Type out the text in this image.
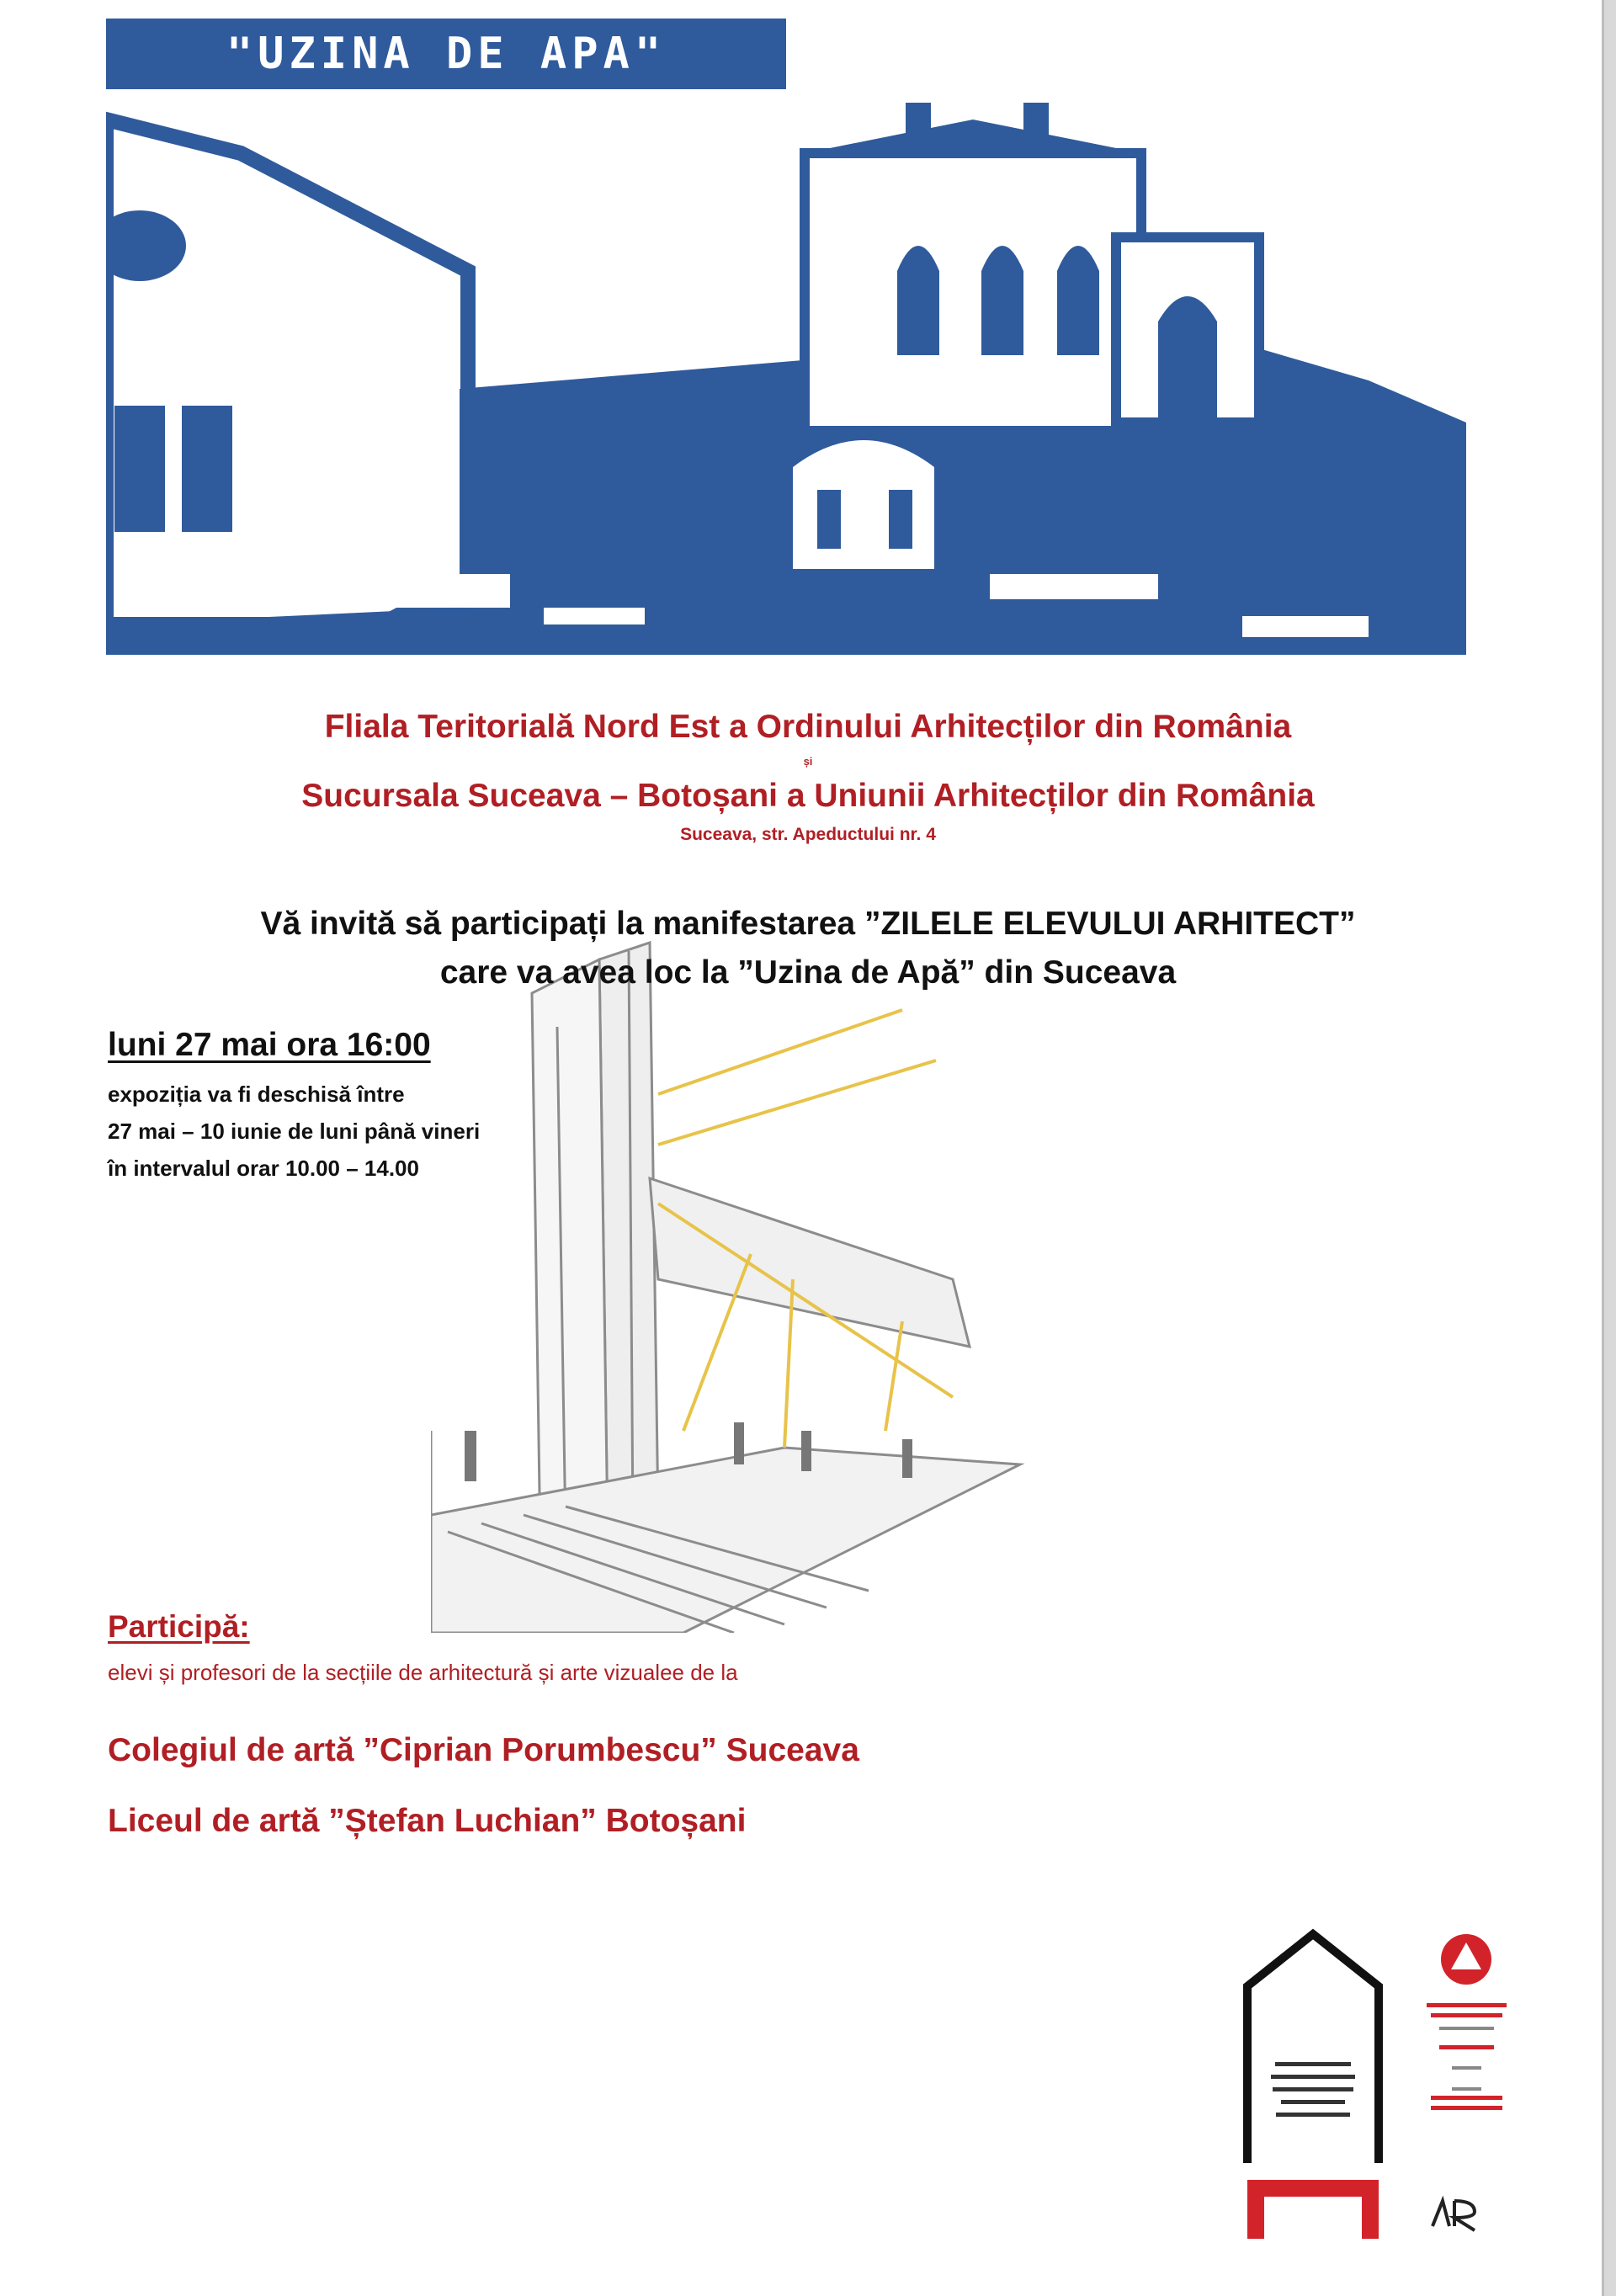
"UZINA DE APA"
Fliala Teritorială Nord Est a Ordinului Arhitecților din România
și
Sucursala Suceava – Botoșani a Uniunii Arhitecților din România
Suceava, str. Apeductului nr. 4
Vă invită să participați la manifestarea ”ZILELE ELEVULUI ARHITECT”
care va avea loc la ”Uzina de Apă” din Suceava
luni 27 mai ora 16:00
expoziția va fi deschisă între
27 mai – 10 iunie de luni până vineri
în intervalul orar 10.00 – 14.00
Participă:
elevi și profesori de la secțiile de arhitectură și arte vizualee de la
Colegiul de artă ”Ciprian Porumbescu” Suceava
Liceul de artă ”Ștefan Luchian” Botoșani
